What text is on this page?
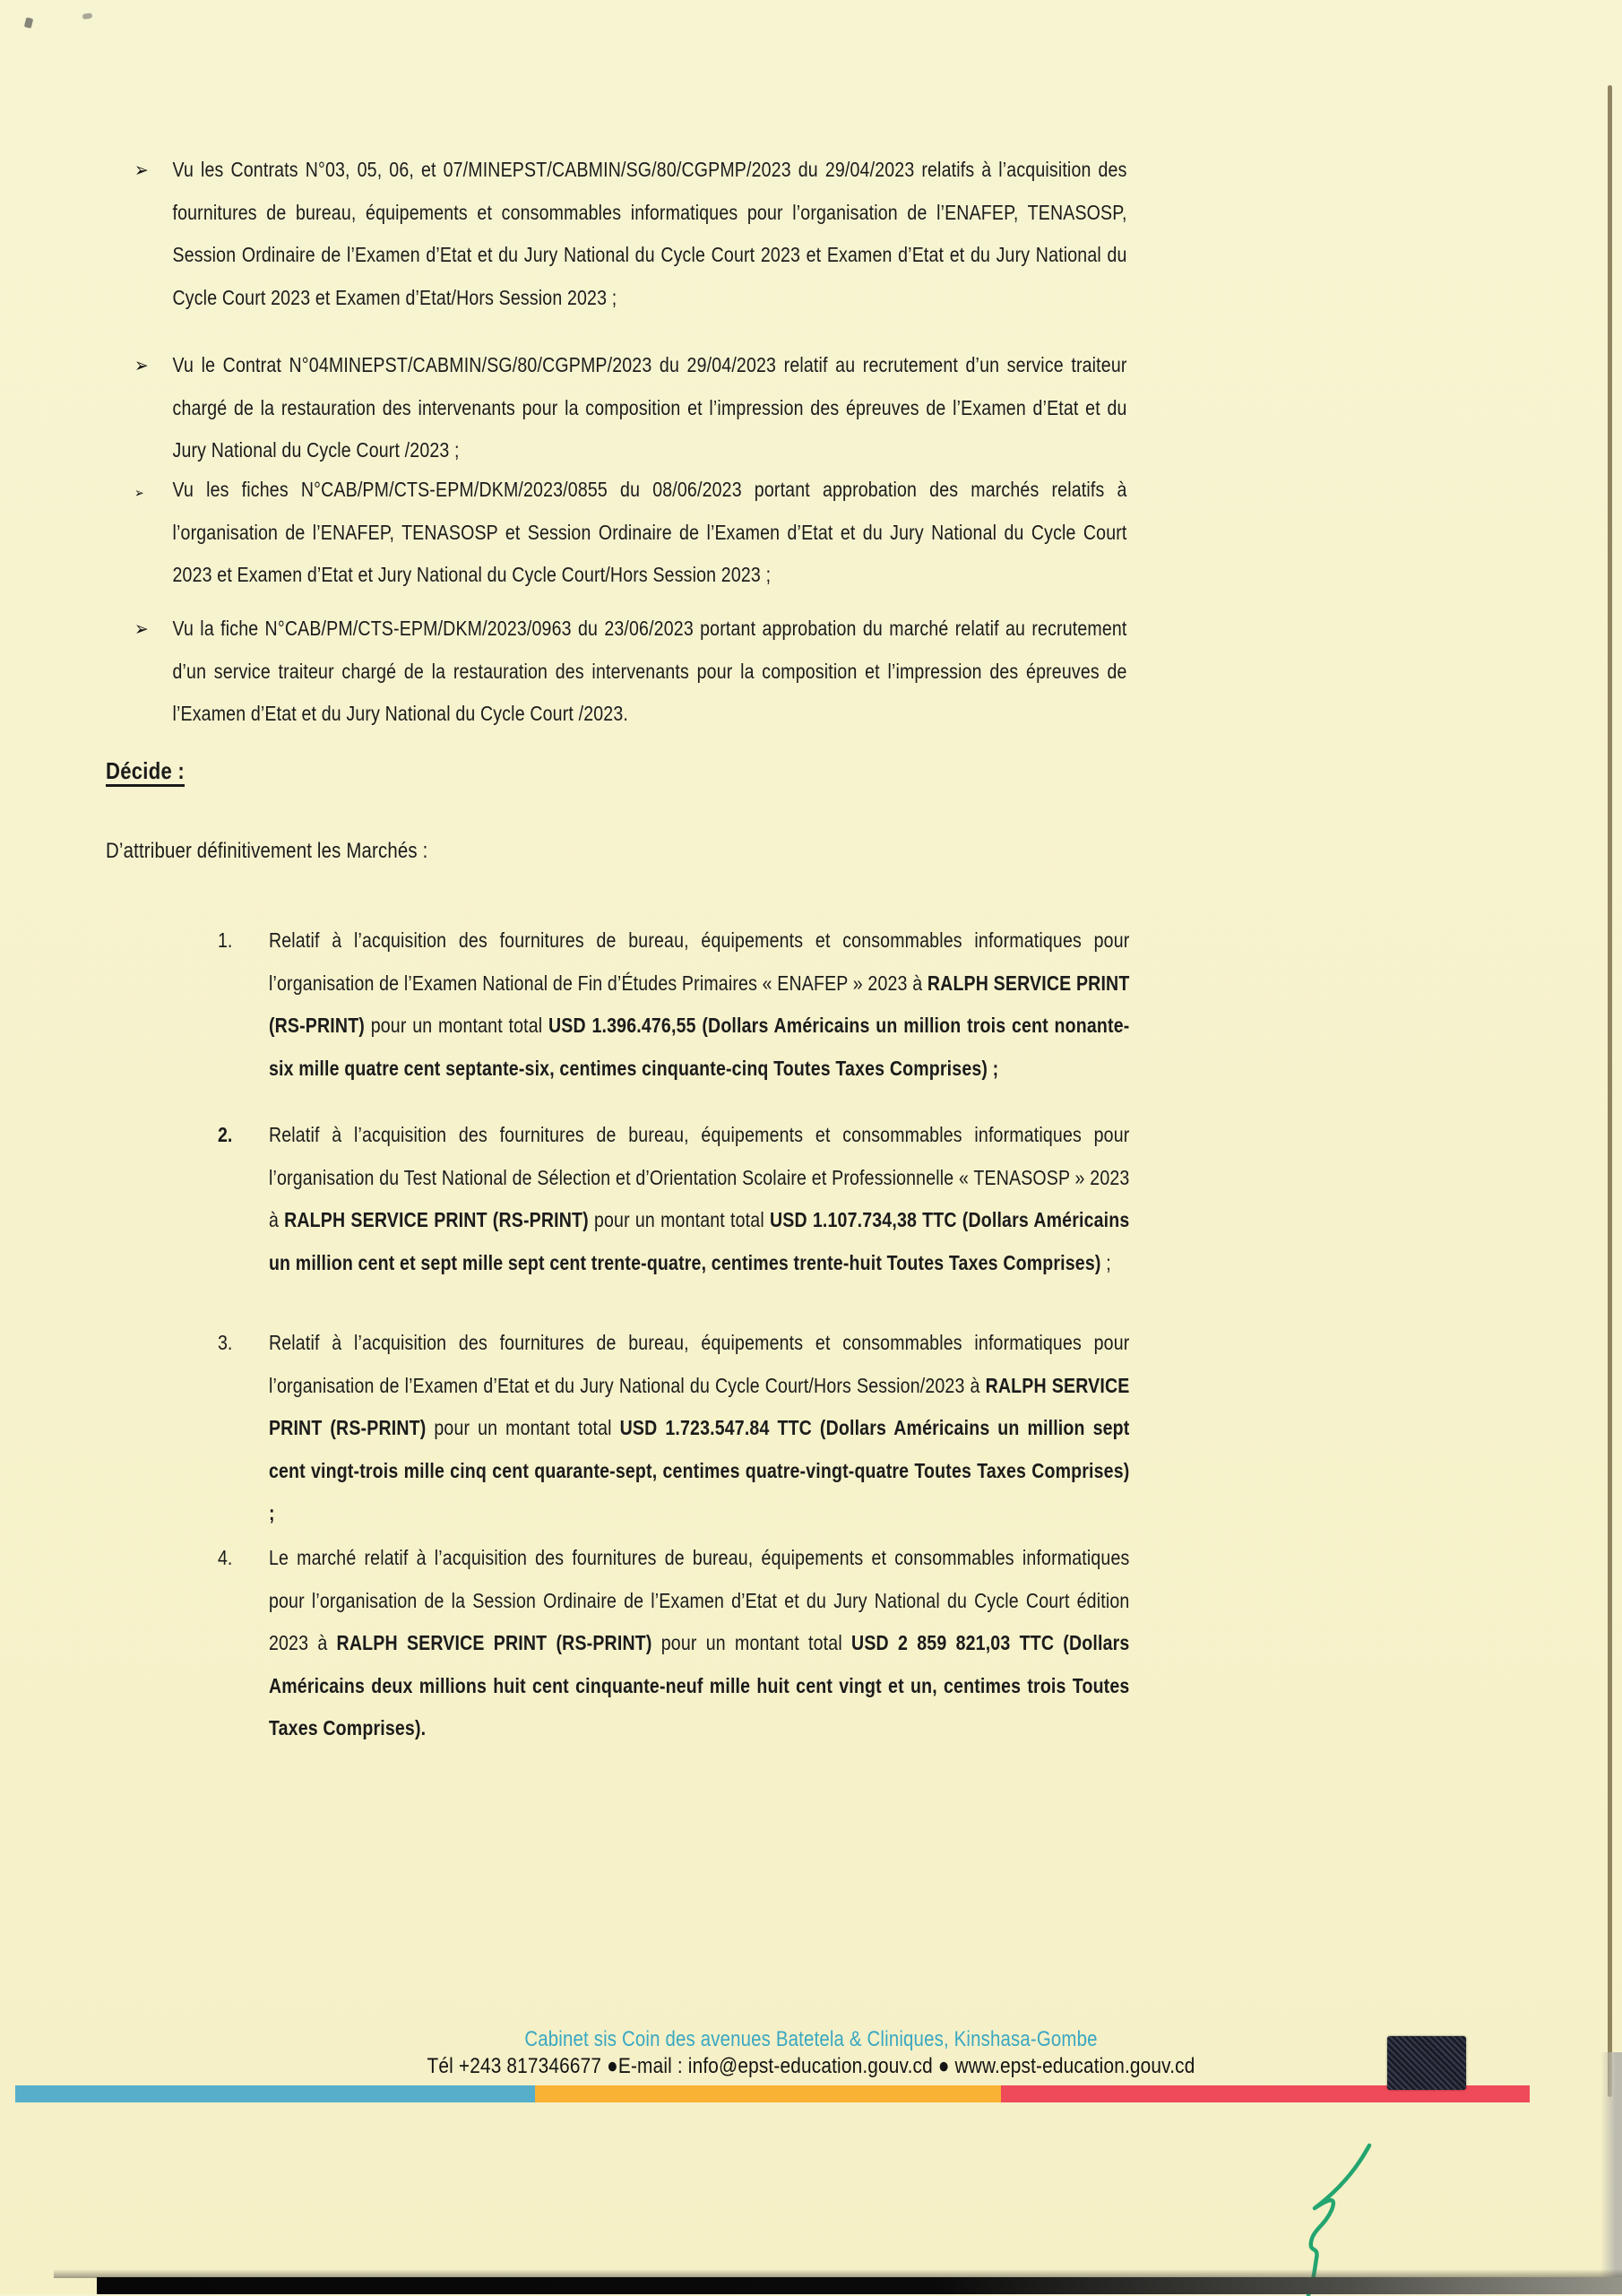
➢	Vu les Contrats N°03, 05, 06, et 07/MINEPST/CABMIN/SG/80/CGPMP/2023 du 29/04/2023 relatifs à l’acquisition des fournitures de bureau, équipements et consommables informatiques pour l’organisation de l’ENAFEP, TENASOSP, Session Ordinaire de l’Examen d’Etat et du Jury National du Cycle Court 2023 et Examen d’Etat et du Jury National du Cycle Court 2023 et Examen d’Etat/Hors Session 2023 ;
➢	Vu le Contrat N°04MINEPST/CABMIN/SG/80/CGPMP/2023 du 29/04/2023 relatif au recrutement d’un service traiteur chargé de la restauration des intervenants pour la composition et l’impression des épreuves de l’Examen d’Etat et du Jury National du Cycle Court /2023 ;
➢	Vu les fiches N°CAB/PM/CTS-EPM/DKM/2023/0855 du 08/06/2023 portant approbation des marchés relatifs à l’organisation de l’ENAFEP, TENASOSP et Session Ordinaire de l’Examen d’Etat et du Jury National du Cycle Court 2023 et Examen d’Etat et Jury National du Cycle Court/Hors Session 2023 ;
➢	Vu la fiche N°CAB/PM/CTS-EPM/DKM/2023/0963 du 23/06/2023 portant approbation du marché relatif au recrutement d’un service traiteur chargé de la restauration des intervenants pour la composition et l’impression des épreuves de l’Examen d’Etat et du Jury National du Cycle Court /2023.
Décide :
D’attribuer définitivement les Marchés :
1.	Relatif à l’acquisition des fournitures de bureau, équipements et consommables informatiques pour l’organisation de l’Examen National de Fin d’Études Primaires « ENAFEP » 2023 à RALPH SERVICE PRINT (RS-PRINT) pour un montant total USD 1.396.476,55 (Dollars Américains un million trois cent nonante-six mille quatre cent septante-six, centimes cinquante-cinq Toutes Taxes Comprises) ;
2.	Relatif à l’acquisition des fournitures de bureau, équipements et consommables informatiques pour l’organisation du Test National de Sélection et d’Orientation Scolaire et Professionnelle « TENASOSP » 2023 à RALPH SERVICE PRINT (RS-PRINT) pour un montant total USD 1.107.734,38 TTC (Dollars Américains un million cent et sept mille sept cent trente-quatre, centimes trente-huit Toutes Taxes Comprises) ;
3.	Relatif à l’acquisition des fournitures de bureau, équipements et consommables informatiques pour l’organisation de l’Examen d’Etat et du Jury National du Cycle Court/Hors Session/2023 à RALPH SERVICE PRINT (RS-PRINT) pour un montant total USD 1.723.547.84 TTC (Dollars Américains un million sept cent vingt-trois mille cinq cent quarante-sept, centimes quatre-vingt-quatre Toutes Taxes Comprises) ;
4.	Le marché relatif à l’acquisition des fournitures de bureau, équipements et consommables informatiques pour l’organisation de la Session Ordinaire de l’Examen d’Etat et du Jury National du Cycle Court édition 2023 à RALPH SERVICE PRINT (RS-PRINT) pour un montant total USD 2 859 821,03 TTC (Dollars Américains deux millions huit cent cinquante-neuf mille huit cent vingt et un, centimes trois Toutes Taxes Comprises).
Cabinet sis Coin des avenues Batetela & Cliniques, Kinshasa-Gombe
Tél +243 817346677 ●E-mail : info@epst-education.gouv.cd ● www.epst-education.gouv.cd
